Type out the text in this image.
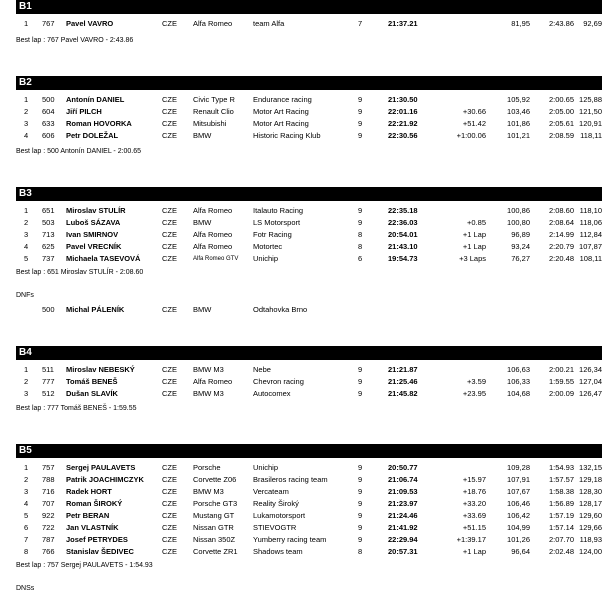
B1
1	767	Pavel VAVRO	CZE	Alfa Romeo	team Alfa	7	21:37.21	81,95	2:43.86	92,69
Best lap : 767 Pavel VAVRO - 2:43.86
B2
1	500	Antonín DANIEL	CZE	Civic Type R	Endurance racing	9	21:30.50	105,92	2:00.65 125,88
2	604	Jiří PILCH	CZE	Renault Clio	Motor Art Racing	9	22:01.16	+30.66	103,46	2:05.00 121,50
3	633	Roman HOVORKA	CZE	Mitsubishi	Motor Art Racing	9	22:21.92	+51.42	101,86	2:05.61 120,91
4	606	Petr DOLEŽAL	CZE	BMW	Historic Racing Klub	9	22:30.56	+1:00.06	101,21	2:08.59 118,11
Best lap : 500 Antonín DANIEL - 2:00.65
B3
1	651	Miroslav STULÍR	CZE	Alfa Romeo	Italauto Racing	9	22:35.18	100,86	2:08.60 118,10
2	503	Luboš SÁZAVA	CZE	BMW	LS Motorsport	9	22:36.03	+0.85	100,80	2:08.64 118,06
3	713	Ivan SMIRNOV	CZE	Alfa Romeo	Fotr Racing	8	20:54.01	+1 Lap	96,89	2:14.99 112,84
4	625	Pavel VRECNÍK	CZE	Alfa Romeo	Motortec	8	21:43.10	+1 Lap	93,24	2:20.79 107,87
5	737	Michaela TASEVOVÁ	CZE	Alfa Romeo GTV	Unichip	6	19:54.73	+3 Laps	76,27	2:20.48 108,11
Best lap : 651 Miroslav STULÍR - 2:08.60
DNFs
500	Michal PÁLENÍK	CZE	BMW	Odtahovka Brno
B4
1	511	Miroslav NEBESKÝ	CZE	BMW M3	Nebe	9	21:21.87	106,63	2:00.21 126,34
2	777	Tomáš BENEŠ	CZE	Alfa Romeo	Chevron racing	9	21:25.46	+3.59	106,33	1:59.55 127,04
3	512	Dušan SLAVÍK	CZE	BMW M3	Autocomex	9	21:45.82	+23.95	104,68	2:00.09 126,47
Best lap : 777 Tomáš BENEŠ - 1:59.55
B5
1	757	Sergej PAULAVETS	CZE	Porsche	Unichip	9	20:50.77	109,28	1:54.93 132,15
2	788	Patrik JOACHIMCZYK	CZE	Corvette Z06	Brasileros racing team	9	21:06.74	+15.97	107,91	1:57.57 129,18
3	716	Radek HORT	CZE	BMW M3	Vercateam	9	21:09.53	+18.76	107,67	1:58.38 128,30
4	707	Roman ŠIROKÝ	CZE	Porsche GT3	Reality Široký	9	21:23.97	+33.20	106,46	1:56.89 128,17
5	922	Petr BERAN	CZE	Mustang GT	Lukamotorsport	9	21:24.46	+33.69	106,42	1:57.19 129,60
6	722	Jan VLASTNÍK	CZE	Nissan GTR	STIEVOGTR	9	21:41.92	+51.15	104,99	1:57.14 129,66
7	787	Josef PETRYDES	CZE	Nissan 350Z	Yumberry racing team	9	22:29.94	+1:39.17	101,26	2:07.70 118,93
8	766	Stanislav ŠEDIVEC	CZE	Corvette ZR1	Shadows team	8	20:57.31	+1 Lap	96,64	2:02.48 124,00
Best lap : 757 Sergej PAULAVETS - 1:54.93
DNSs
